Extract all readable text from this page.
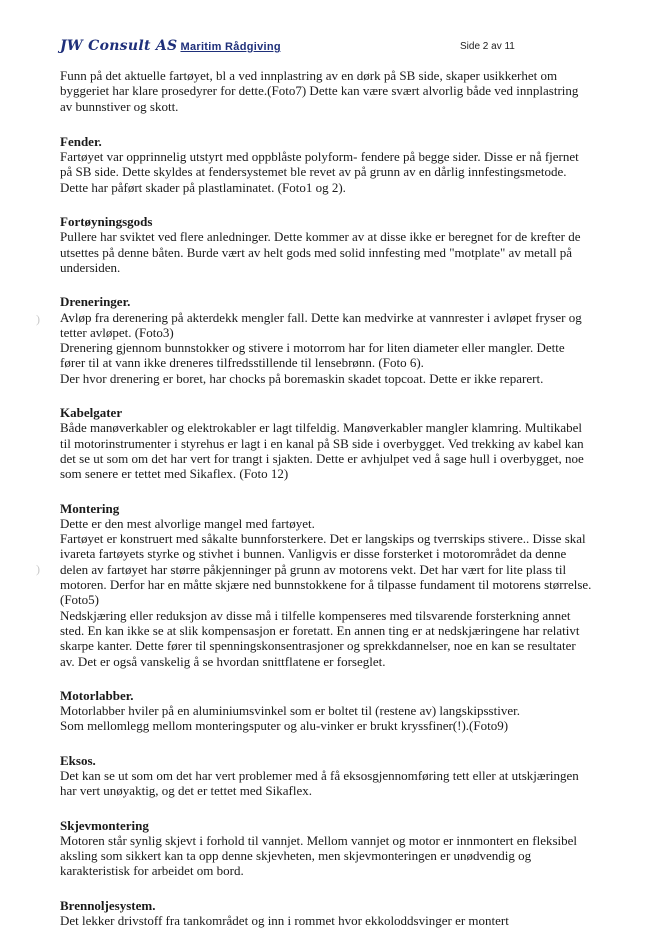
JW Consult AS Maritim Rådgiving	Side 2 av 11
)
)

Funn på det aktuelle fartøyet, bl a ved innplastring av en dørk på SB side, skaper usikkerhet om byggeriet har klare prosedyrer for dette.(Foto7) Dette kan være svært alvorlig både ved innplastring av bunnstiver og skott.

Fender.

Fartøyet var opprinnelig utstyrt med oppblåste polyform- fendere på begge sider. Disse er nå fjernet på SB side. Dette skyldes at fendersystemet ble revet av på grunn av en dårlig innfestingsmetode. Dette har påført skader på plastlaminatet. (Foto1 og 2).

Fortøyningsgods

Pullere har sviktet ved flere anledninger. Dette kommer av at disse ikke er beregnet for de krefter de utsettes på denne båten. Burde vært av helt gods med solid innfesting med "motplate" av metall på undersiden.

Dreneringer.

Avløp fra derenering på akterdekk mengler fall. Dette kan medvirke at vannrester i avløpet fryser og tetter avløpet. (Foto3)

Drenering gjennom bunnstokker og stivere i motorrom har for liten diameter eller mangler. Dette fører til at vann ikke dreneres tilfredsstillende til lensebrønn. (Foto 6).

Der hvor drenering er boret, har chocks på boremaskin skadet topcoat. Dette er ikke reparert.

Kabelgater

Både manøverkabler og elektrokabler er lagt tilfeldig. Manøverkabler mangler klamring. Multikabel til motorinstrumenter i styrehus er lagt i en kanal på SB side i overbygget. Ved trekking av kabel kan det se ut som om det har vert for trangt i sjakten. Dette er avhjulpet ved å sage hull i overbygget, noe som senere er tettet med Sikaflex. (Foto 12)

Montering

Dette er den mest alvorlige mangel med fartøyet.

Fartøyet er konstruert med såkalte bunnforsterkere. Det er langskips og tverrskips stivere.. Disse skal ivareta fartøyets styrke og stivhet i bunnen. Vanligvis er disse forsterket i motorområdet da denne delen av fartøyet har større påkjenninger på grunn av motorens vekt. Det har vært for lite plass til motoren. Derfor har en måtte skjære ned bunnstokkene for å tilpasse fundament til motorens størrelse. (Foto5)

Nedskjæring eller reduksjon av disse må i tilfelle kompenseres med tilsvarende forsterkning annet sted. En kan ikke se at slik kompensasjon er foretatt. En annen ting er at nedskjæringene har relativt skarpe kanter. Dette fører til spenningskonsentrasjoner og sprekkdannelser, noe en kan se resultater av. Det er også vanskelig å se hvordan snittflatene er forseglet.

Motorlabber.

Motorlabber hviler på en aluminiumsvinkel som er boltet til (restene av) langskipsstiver.

Som mellomlegg mellom monteringsputer og alu-vinker er brukt kryssfiner(!).(Foto9)

Eksos.

Det kan se ut som om det har vert problemer med å få eksosgjennomføring tett eller at utskjæringen har vert unøyaktig, og det er tettet med Sikaflex.

Skjevmontering

Motoren står synlig skjevt i forhold til vannjet. Mellom vannjet og motor er innmontert en fleksibel aksling som sikkert kan ta opp denne skjevheten, men skjevmonteringen er unødvendig og karakteristisk for arbeidet om bord.

Brennoljesystem.

Det lekker drivstoff fra tankområdet og inn i rommet hvor ekkoloddsvinger er montert
